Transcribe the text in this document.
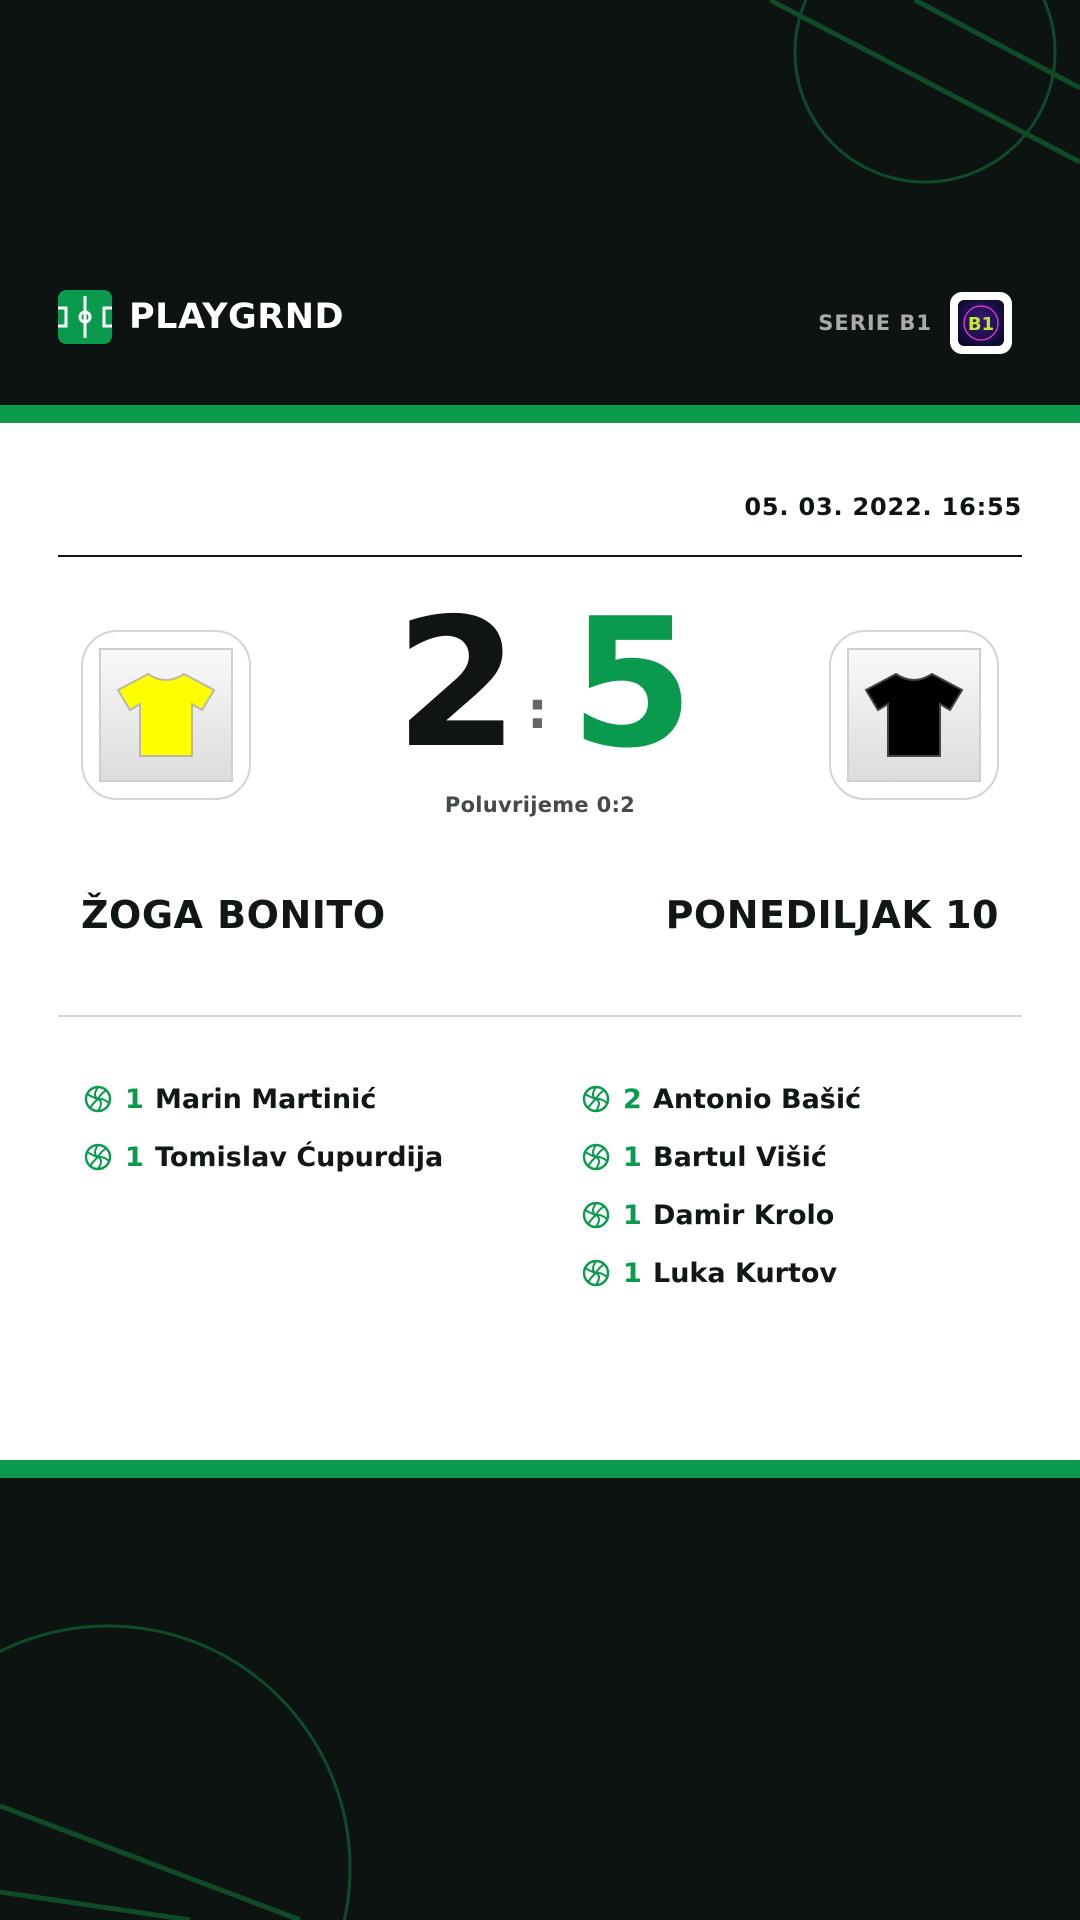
PLAYGRND	SERIE B1 B1
05. 03. 2022. 16:55
2 : 5
Poluvrijeme 0:2
ŽOGA BONITO	PONEDILJAK 10
1 Marin Martinić
1 Tomislav Ćupurdija
2 Antonio Bašić
1 Bartul Višić
1 Damir Krolo
1 Luka Kurtov
